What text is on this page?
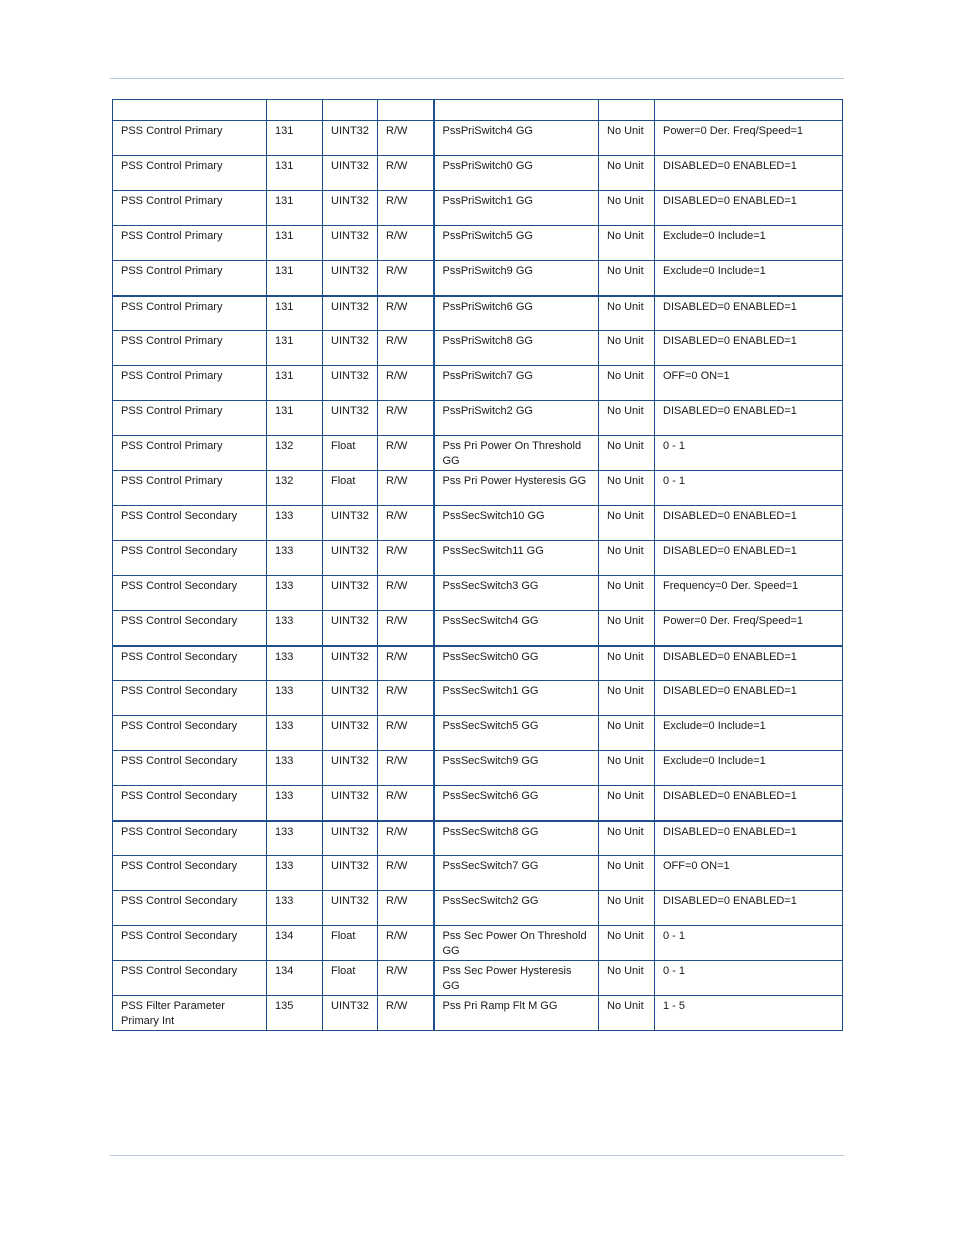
PSS Control Primary	131	UINT32	R/W	PssPriSwitch4 GG	No Unit	Power=0 Der. Freq/Speed=1
PSS Control Primary	131	UINT32	R/W	PssPriSwitch0 GG	No Unit	DISABLED=0 ENABLED=1
PSS Control Primary	131	UINT32	R/W	PssPriSwitch1 GG	No Unit	DISABLED=0 ENABLED=1
PSS Control Primary	131	UINT32	R/W	PssPriSwitch5 GG	No Unit	Exclude=0 Include=1
PSS Control Primary	131	UINT32	R/W	PssPriSwitch9 GG	No Unit	Exclude=0 Include=1
PSS Control Primary	131	UINT32	R/W	PssPriSwitch6 GG	No Unit	DISABLED=0 ENABLED=1
PSS Control Primary	131	UINT32	R/W	PssPriSwitch8 GG	No Unit	DISABLED=0 ENABLED=1
PSS Control Primary	131	UINT32	R/W	PssPriSwitch7 GG	No Unit	OFF=0 ON=1
PSS Control Primary	131	UINT32	R/W	PssPriSwitch2 GG	No Unit	DISABLED=0 ENABLED=1
PSS Control Primary	132	Float	R/W	Pss Pri Power On Threshold GG	No Unit	0 - 1
PSS Control Primary	132	Float	R/W	Pss Pri Power Hysteresis GG	No Unit	0 - 1
PSS Control Secondary	133	UINT32	R/W	PssSecSwitch10 GG	No Unit	DISABLED=0 ENABLED=1
PSS Control Secondary	133	UINT32	R/W	PssSecSwitch11 GG	No Unit	DISABLED=0 ENABLED=1
PSS Control Secondary	133	UINT32	R/W	PssSecSwitch3 GG	No Unit	Frequency=0 Der. Speed=1
PSS Control Secondary	133	UINT32	R/W	PssSecSwitch4 GG	No Unit	Power=0 Der. Freq/Speed=1
PSS Control Secondary	133	UINT32	R/W	PssSecSwitch0 GG	No Unit	DISABLED=0 ENABLED=1
PSS Control Secondary	133	UINT32	R/W	PssSecSwitch1 GG	No Unit	DISABLED=0 ENABLED=1
PSS Control Secondary	133	UINT32	R/W	PssSecSwitch5 GG	No Unit	Exclude=0 Include=1
PSS Control Secondary	133	UINT32	R/W	PssSecSwitch9 GG	No Unit	Exclude=0 Include=1
PSS Control Secondary	133	UINT32	R/W	PssSecSwitch6 GG	No Unit	DISABLED=0 ENABLED=1
PSS Control Secondary	133	UINT32	R/W	PssSecSwitch8 GG	No Unit	DISABLED=0 ENABLED=1
PSS Control Secondary	133	UINT32	R/W	PssSecSwitch7 GG	No Unit	OFF=0 ON=1
PSS Control Secondary	133	UINT32	R/W	PssSecSwitch2 GG	No Unit	DISABLED=0 ENABLED=1
PSS Control Secondary	134	Float	R/W	Pss Sec Power On Threshold GG	No Unit	0 - 1
PSS Control Secondary	134	Float	R/W	Pss Sec Power Hysteresis GG	No Unit	0 - 1
PSS Filter Parameter Primary Int	135	UINT32	R/W	Pss Pri Ramp Flt M GG	No Unit	1 - 5
